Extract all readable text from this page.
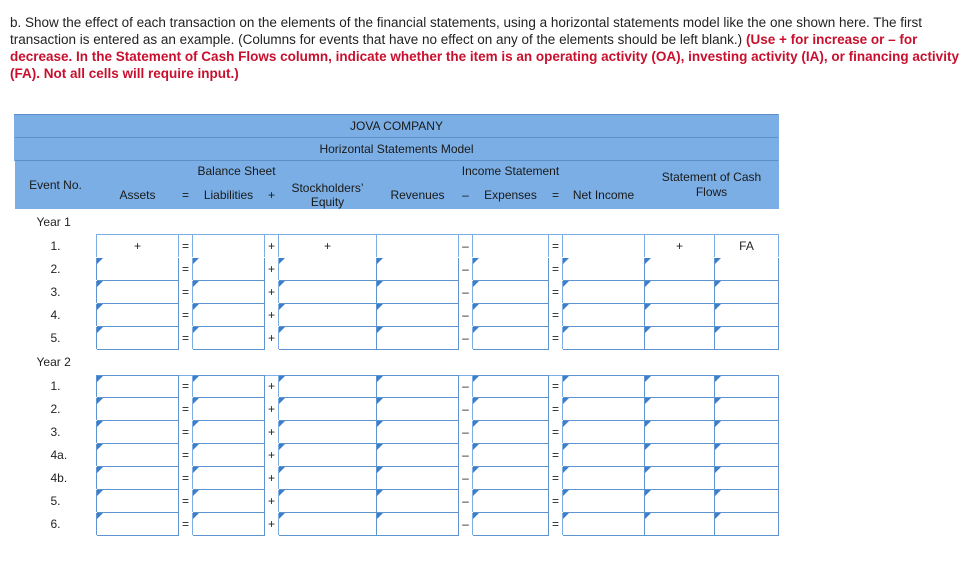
b. Show the effect of each transaction on the elements of the financial statements, using a horizontal statements model like the one shown here. The first transaction is entered as an example. (Columns for events that have no effect on any of the elements should be left blank.) (Use + for increase or – for decrease. In the Statement of Cash Flows column, indicate whether the item is an operating activity (OA), investing activity (IA), or financing activity (FA). Not all cells will require input.)
JOVA COMPANY												
Horizontal Statements Model												
Event No.	Balance Sheet					Income Statement					Statement of Cash Flows	
	Assets	=	Liabilities	+	Stockholders’ Equity	Revenues	–	Expenses	=	Net Income		
Year 1												
1.	+	=		+	+		–		=		+	FA
2.		=		+			–		=			
3.		=		+			–		=			
4.		=		+			–		=			
5.		=		+			–		=			
Year 2												
1.		=		+			–		=			
2.		=		+			–		=			
3.		=		+			–		=			
4a.		=		+			–		=			
4b.		=		+			–		=			
5.		=		+			–		=			
6.		=		+			–		=			
